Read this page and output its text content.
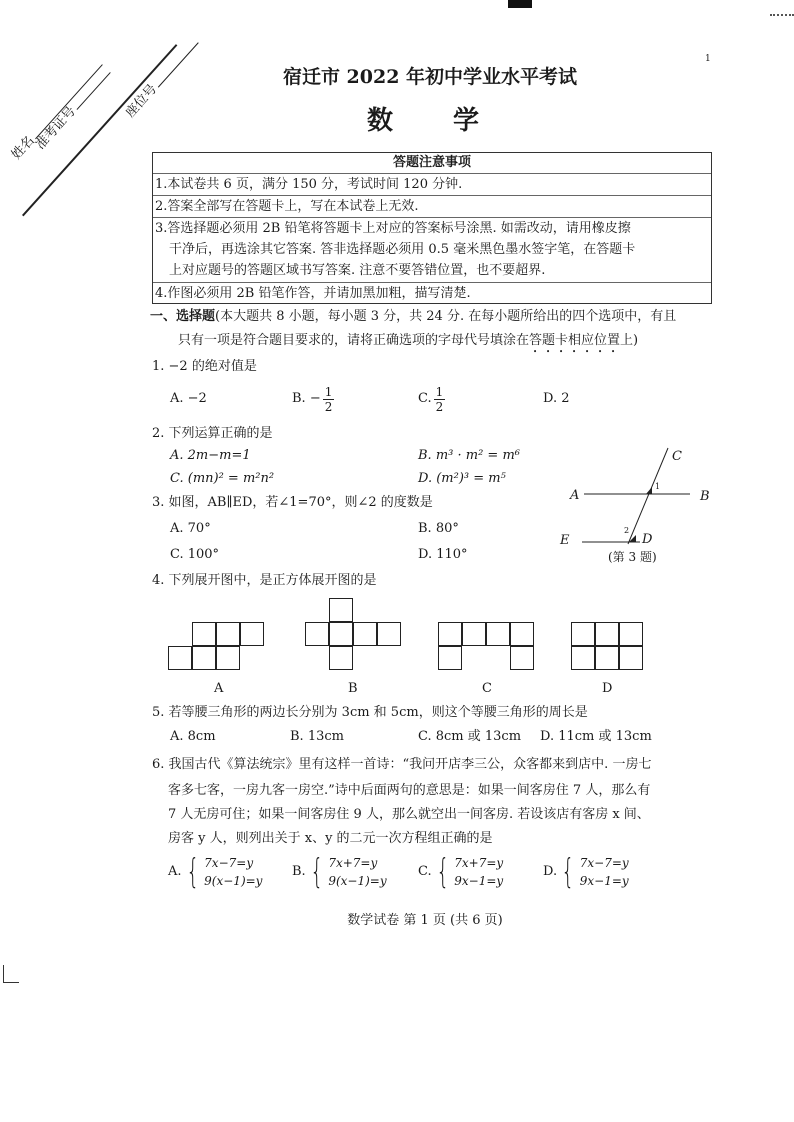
1
姓名
准考证号
座位号
宿迁市 2022 年初中学业水平考试
数  学
答题注意事项
1.本试卷共 6 页，满分 150 分，考试时间 120 分钟.
2.答案全部写在答题卡上，写在本试卷上无效.
3.答选择题必须用 2B 铅笔将答题卡上对应的答案标号涂黑. 如需改动，请用橡皮擦
干净后，再选涂其它答案. 答非选择题必须用 0.5 毫米黑色墨水签字笔，在答题卡
上对应题号的答题区域书写答案. 注意不要答错位置，也不要超界.
4.作图必须用 2B 铅笔作答，并请加黑加粗，描写清楚.
一、选择题(本大题共 8 小题，每小题 3 分，共 24 分. 在每小题所给出的四个选项中，有且
只有一项是符合题目要求的，请将正确选项的字母代号填涂在答题卡相应位置上)
1. −2 的绝对值是
A. −2	B. − $\frac{1}{2}$	C. $\frac{1}{2}$	D. 2
2. 下列运算正确的是
A. 2m−m=1	B. m³ · m² = m⁶
C. (mn)² = m²n²	D. (m²)³ = m⁵
3. 如图，AB∥ED，若∠1=70°，则∠2 的度数是
A. 70°	B. 80°
C. 100°	D. 110°
C
A	B
1
2
E	D
(第 3 题)
4. 下列展开图中，是正方体展开图的是
A	B	C	D
5. 若等腰三角形的两边长分别为 3cm 和 5cm，则这个等腰三角形的周长是
A. 8cm	B. 13cm	C. 8cm 或 13cm D. 11cm 或 13cm
6. 我国古代《算法统宗》里有这样一首诗：“我问开店李三公，众客都来到店中. 一房七
客多七客，一房九客一房空.”诗中后面两句的意思是：如果一间客房住 7 人，那么有
7 人无房可住；如果一间客房住 9 人，那么就空出一间客房. 若设该店有客房 x 间、
房客 y 人，则列出关于 x、y 的二元一次方程组正确的是
A. { 7x−7=y
9(x−1)=y
B. { 7x+7=y
9(x−1)=y
C. { 7x+7=y
9x−1=y
D. { 7x−7=y
9x−1=y
数学试卷 第 1 页 (共 6 页)
